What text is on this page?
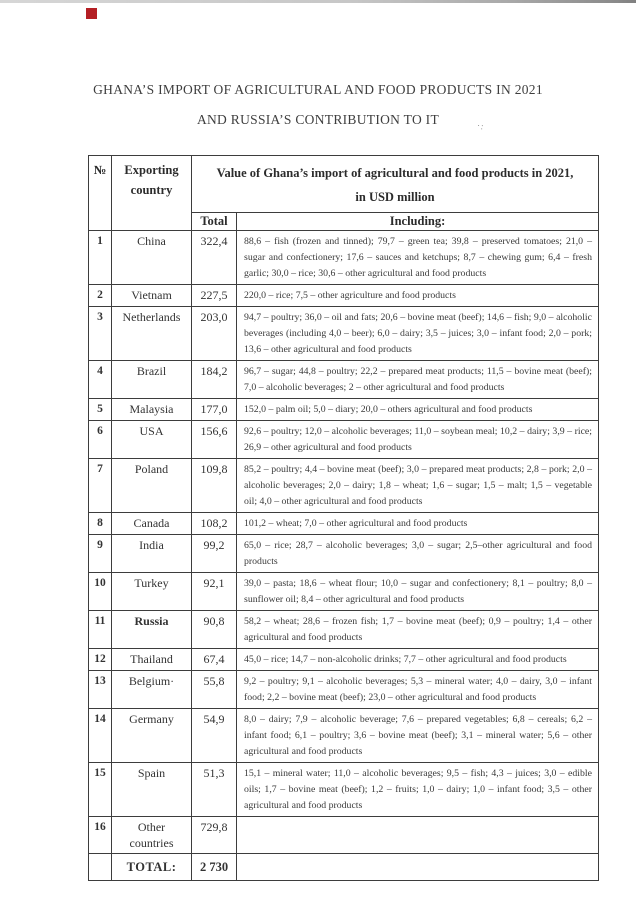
GHANA’S IMPORT OF AGRICULTURAL AND FOOD PRODUCTS IN 2021
AND RUSSIA’S CONTRIBUTION TO IT	·:
№	Exporting country	Value of Ghana’s import of agricultural and food products in 2021,
in USD million	

		Total	Including:
1	China	322,4	88,6 – fish (frozen and tinned); 79,7 – green tea; 39,8 – preserved tomatoes; 21,0 – sugar and confectionery; 17,6 – sauces and ketchups; 8,7 – chewing gum; 6,4 – fresh garlic; 30,0 – rice; 30,6 – other agricultural and food products
2	Vietnam	227,5	220,0 – rice; 7,5 – other agriculture and food products
3	Netherlands	203,0	94,7 – poultry; 36,0 – oil and fats; 20,6 – bovine meat (beef); 14,6 – fish; 9,0 – alcoholic beverages (including 4,0 – beer); 6,0 – dairy; 3,5 – juices; 3,0 – infant food; 2,0 – pork; 13,6 – other agricultural and food products
4	Brazil	184,2	96,7 – sugar; 44,8 – poultry; 22,2 – prepared meat products; 11,5 – bovine meat (beef); 7,0 – alcoholic beverages; 2 – other agricultural and food products
5	Malaysia	177,0	152,0 – palm oil; 5,0 – diary; 20,0 – others agricultural and food products
6	USA	156,6	92,6 – poultry; 12,0 – alcoholic beverages; 11,0 – soybean meal; 10,2 – dairy; 3,9 – rice; 26,9 – other agricultural and food products
7	Poland	109,8	85,2 – poultry; 4,4 – bovine meat (beef); 3,0 – prepared meat products; 2,8 – pork; 2,0 – alcoholic beverages; 2,0 – dairy; 1,8 – wheat; 1,6 – sugar; 1,5 – malt; 1,5 – vegetable oil; 4,0 – other agricultural and food products
8	Canada	108,2	101,2 – wheat; 7,0 – other agricultural and food products
9	India	99,2	65,0 – rice; 28,7 – alcoholic beverages; 3,0 – sugar; 2,5–other agricultural and food products
10	Turkey	92,1	39,0 – pasta; 18,6 – wheat flour; 10,0 – sugar and confectionery; 8,1 – poultry; 8,0 – sunflower oil; 8,4 – other agricultural and food products
11	Russia	90,8	58,2 – wheat; 28,6 – frozen fish; 1,7 – bovine meat (beef); 0,9 – poultry; 1,4 – other agricultural and food products
12	Thailand	67,4	45,0 – rice; 14,7 – non-alcoholic drinks; 7,7 – other agricultural and food products
13	Belgium·	55,8	9,2 – poultry; 9,1 – alcoholic beverages; 5,3 – mineral water; 4,0 – dairy, 3,0 – infant food; 2,2 – bovine meat (beef); 23,0 – other agricultural and food products
14	Germany	54,9	8,0 – dairy; 7,9 – alcoholic beverage; 7,6 – prepared vegetables; 6,8 – cereals; 6,2 – infant food; 6,1 – poultry; 3,6 – bovine meat (beef); 3,1 – mineral water; 5,6 – other agricultural and food products
15	Spain	51,3	15,1 – mineral water; 11,0 – alcoholic beverages; 9,5 – fish; 4,3 – juices; 3,0 – edible oils; 1,7 – bovine meat (beef); 1,2 – fruits; 1,0 – dairy; 1,0 – infant food; 3,5 – other agricultural and food products
16	Other countries	729,8	
	TOTAL:	2 730	
